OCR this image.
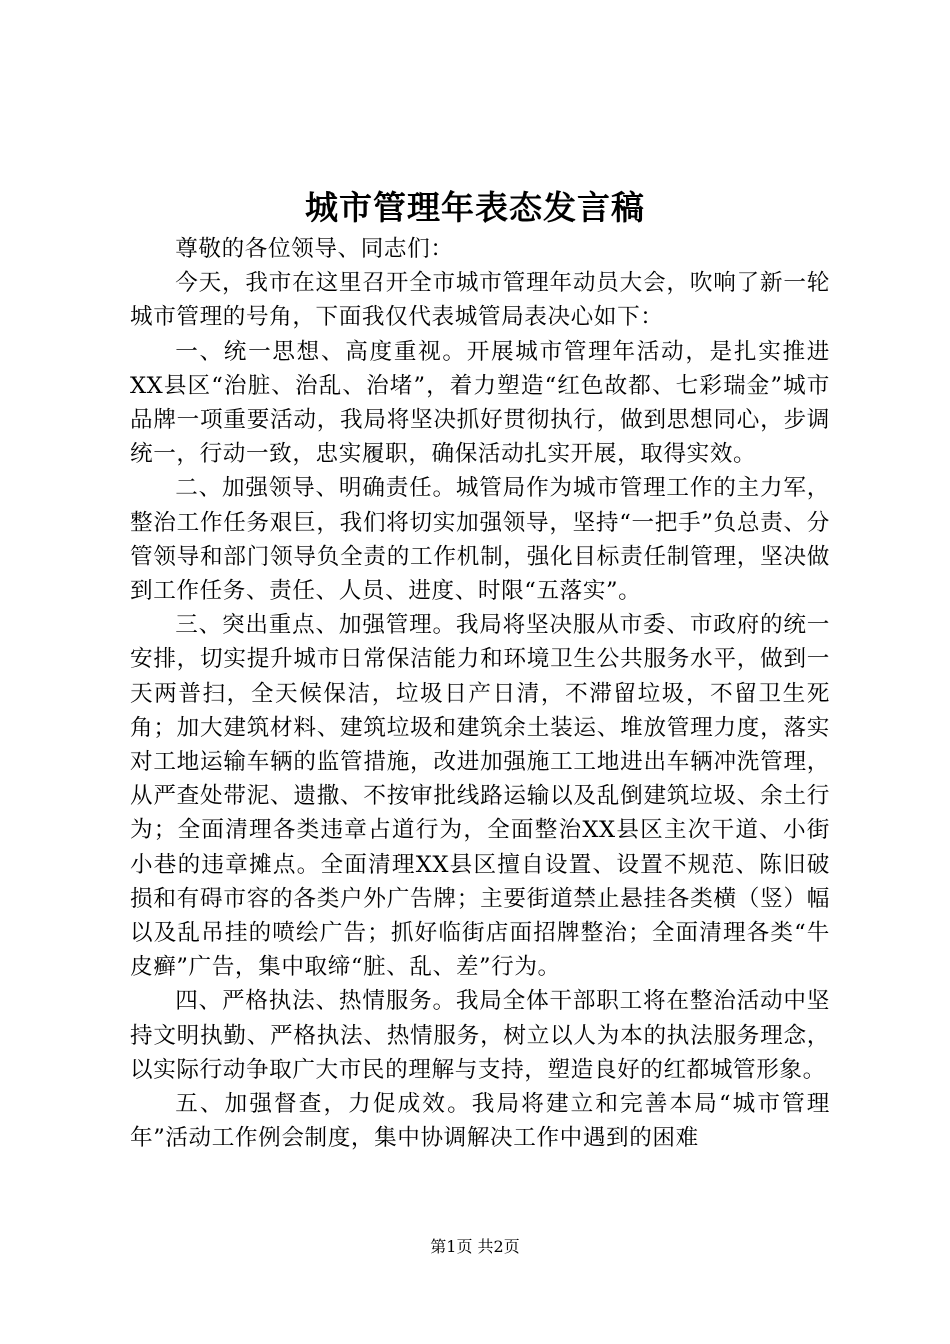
城市管理年表态发言稿

尊敬的各位领导、同志们：

今天，我市在这里召开全市城市管理年动员大会，吹响了新一轮城市管理的号角，下面我仅代表城管局表决心如下：

一、统一思想、高度重视。开展城市管理年活动，是扎实推进XX县区“治脏、治乱、治堵”，着力塑造“红色故都、七彩瑞金”城市品牌一项重要活动，我局将坚决抓好贯彻执行，做到思想同心，步调统一，行动一致，忠实履职，确保活动扎实开展，取得实效。

二、加强领导、明确责任。城管局作为城市管理工作的主力军，整治工作任务艰巨，我们将切实加强领导，坚持“一把手”负总责、分管领导和部门领导负全责的工作机制，强化目标责任制管理，坚决做到工作任务、责任、人员、进度、时限“五落实”。

三、突出重点、加强管理。我局将坚决服从市委、市政府的统一安排，切实提升城市日常保洁能力和环境卫生公共服务水平，做到一天两普扫，全天候保洁，垃圾日产日清，不滞留垃圾，不留卫生死角；加大建筑材料、建筑垃圾和建筑余土装运、堆放管理力度，落实对工地运输车辆的监管措施，改进加强施工工地进出车辆冲洗管理，从严查处带泥、遗撒、不按审批线路运输以及乱倒建筑垃圾、余土行为；全面清理各类违章占道行为，全面整治XX县区主次干道、小街小巷的违章摊点。全面清理XX县区擅自设置、设置不规范、陈旧破损和有碍市容的各类户外广告牌；主要街道禁止悬挂各类横（竖）幅以及乱吊挂的喷绘广告；抓好临街店面招牌整治；全面清理各类“牛皮癣”广告，集中取缔“脏、乱、差”行为。

四、严格执法、热情服务。我局全体干部职工将在整治活动中坚持文明执勤、严格执法、热情服务，树立以人为本的执法服务理念，以实际行动争取广大市民的理解与支持，塑造良好的红都城管形象。

五、加强督查，力促成效。我局将建立和完善本局“城市管理年”活动工作例会制度，集中协调解决工作中遇到的困难

第1页 共2页
